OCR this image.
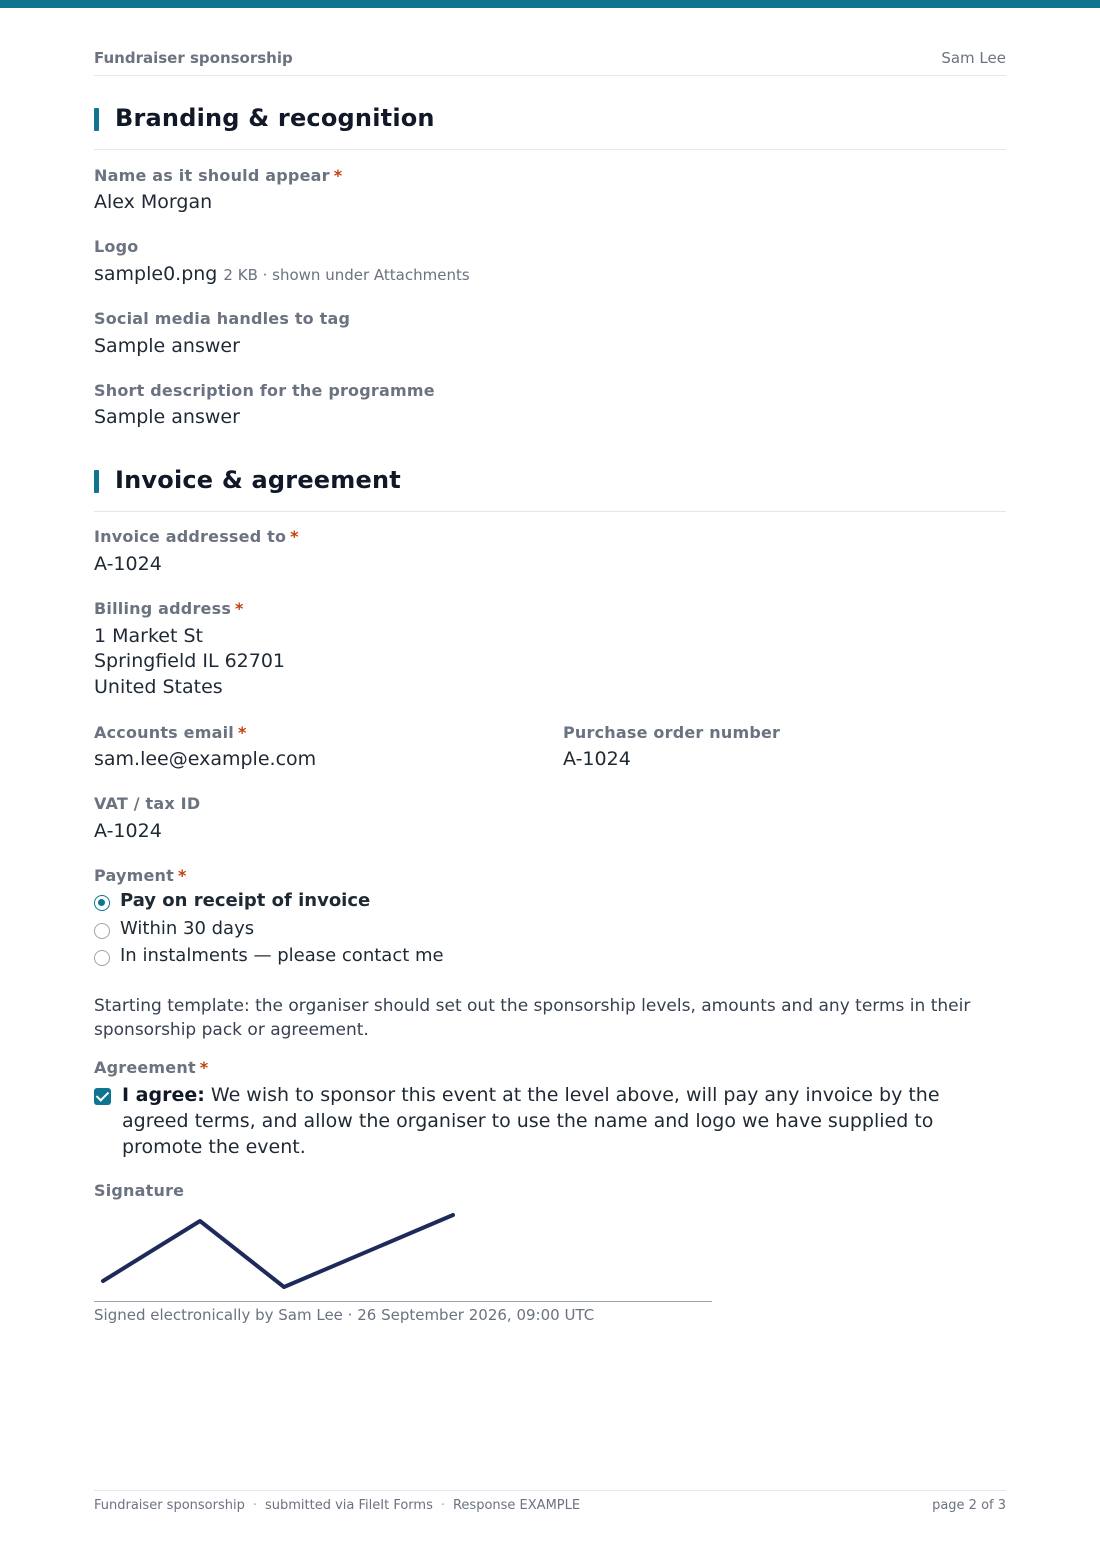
Fundraiser sponsorship	Sam Lee
Branding & recognition
Name as it should appear *
Alex Morgan
Logo
sample0.png 2 KB · shown under Attachments
Social media handles to tag
Sample answer
Short description for the programme
Sample answer
Invoice & agreement
Invoice addressed to *
A-1024
Billing address *
1 Market St
Springfield IL 62701
United States
Accounts email *
sam.lee@example.com
Purchase order number
A-1024
VAT / tax ID
A-1024
Payment *
Pay on receipt of invoice
Within 30 days
In instalments — please contact me
Starting template: the organiser should set out the sponsorship levels, amounts and any terms in their sponsorship pack or agreement.
Agreement *
I agree: We wish to sponsor this event at the level above, will pay any invoice by the agreed terms, and allow the organiser to use the name and logo we have supplied to promote the event.
Signature
Signed electronically by Sam Lee · 26 September 2026, 09:00 UTC
Fundraiser sponsorship · submitted via FileIt Forms · Response EXAMPLE	page 2 of 3
